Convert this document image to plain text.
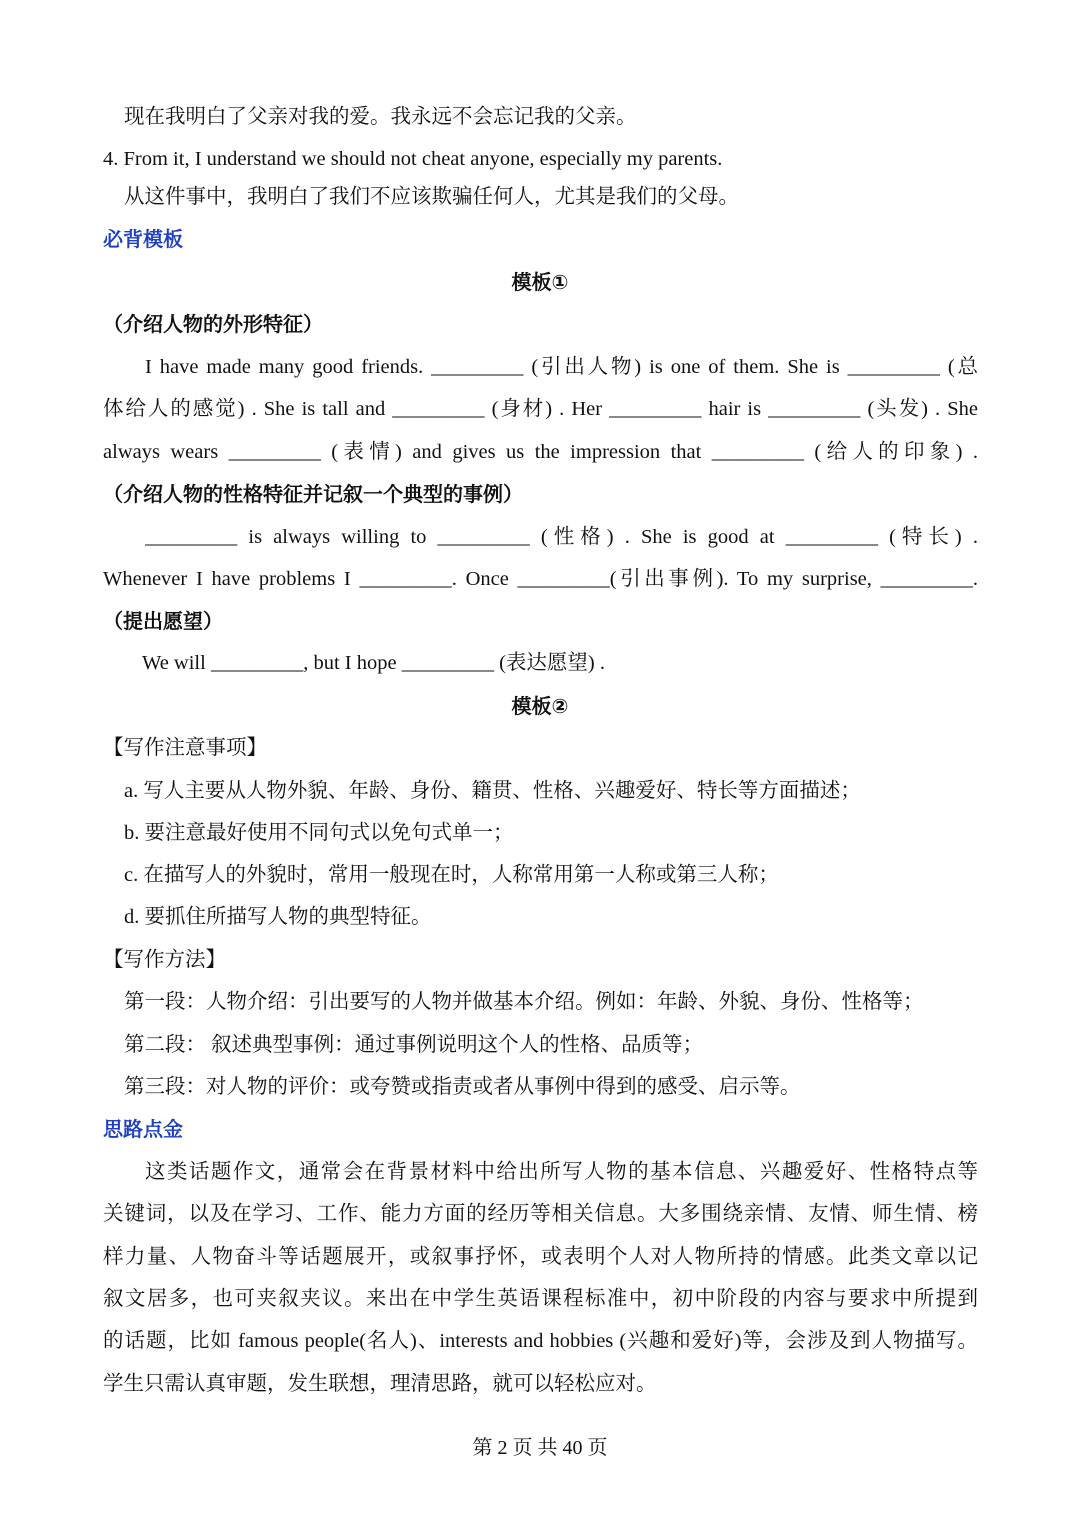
现在我明白了父亲对我的爱。我永远不会忘记我的父亲。
4. From it, I understand we should not cheat anyone, especially my parents.
从这件事中，我明白了我们不应该欺骗任何人，尤其是我们的父母。
必背模板
模板①
（介绍人物的外形特征）
I have made many good friends. _________ (引出人物) is one of them. She is _________ (总
体给人的感觉) . She is tall and _________ (身材) . Her _________ hair is _________ (头发) . She
always wears _________ (表情) and gives us the impression that _________ (给人的印象) .
（介绍人物的性格特征并记叙一个典型的事例）
_________ is always willing to _________ (性格) . She is good at _________ (特长) .
Whenever I have problems I _________. Once _________(引出事例). To my surprise, _________.
（提出愿望）
We will _________, but I hope _________ (表达愿望) .
模板②
【写作注意事项】
a. 写人主要从人物外貌、年龄、身份、籍贯、性格、兴趣爱好、特长等方面描述；
b. 要注意最好使用不同句式以免句式单一；
c. 在描写人的外貌时，常用一般现在时，人称常用第一人称或第三人称；
d. 要抓住所描写人物的典型特征。
【写作方法】
第一段：人物介绍：引出要写的人物并做基本介绍。例如：年龄、外貌、身份、性格等；
第二段： 叙述典型事例：通过事例说明这个人的性格、品质等；
第三段：对人物的评价：或夸赞或指责或者从事例中得到的感受、启示等。
思路点金
这类话题作文，通常会在背景材料中给出所写人物的基本信息、兴趣爱好、性格特点等
关键词，以及在学习、工作、能力方面的经历等相关信息。大多围绕亲情、友情、师生情、榜
样力量、人物奋斗等话题展开，或叙事抒怀，或表明个人对人物所持的情感。此类文章以记
叙文居多，也可夹叙夹议。来出在中学生英语课程标准中，初中阶段的内容与要求中所提到
的话题，比如 famous people(名人)、interests and hobbies (兴趣和爱好)等，会涉及到人物描写。
学生只需认真审题，发生联想，理清思路，就可以轻松应对。
第 2 页 共 40 页
